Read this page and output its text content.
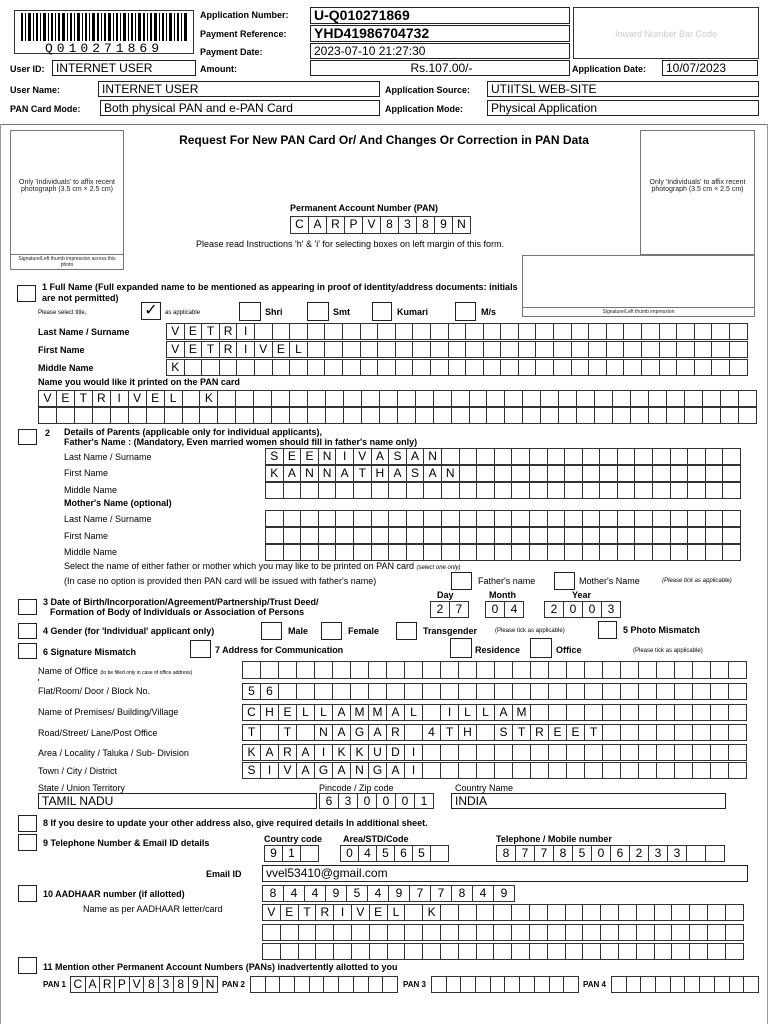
Q010271869
Application Number: U-Q010271869
Payment Reference: YHD41986704732
Payment Date:	2023-07-10 21:27:30
Inward Number Bar Code
User ID: INTERNET USER	Amount:	Rs.107.00/-	Application Date:	10/07/2023
User Name:	INTERNET USER	Application Source:	UTIITSL WEB-SITE
PAN Card Mode:	Both physical PAN and e-PAN Card	Application Mode:	Physical Application
Request For New PAN Card Or/ And Changes Or Correction in PAN Data
Only 'Individuals' to affix recent photograph (3.5 cm × 2.5 cm)
Signature/Left thumb impression across this photo
Only 'Individuals' to affix recent photograph (3.5 cm × 2.5 cm)
Signature/Left thumb impression
Permanent Account Number (PAN)
C A R P V 8 3 8 9 N
Please read Instructions 'h' & 'i' for selecting boxes on left margin of this form.
1 Full Name (Full expanded name to be mentioned as appearing in proof of identity/address documents: initials are not permitted)
Please select title,	✓	as applicable	Shri	Smt	Kumari	M/s
Last Name / Surname	V E T R I
First Name	V E T R I V E L
Middle Name	K
Name you would like it printed on the PAN card
V E T R I	V E L	K
2 Details of Parents (applicable only for individual applicants),
Father's Name : (Mandatory, Even married women should fill in father's name only)
Last Name / Surname	S E E N I V A S A N
First Name	K A N N A T H A S A N
Middle Name
Mother's Name (optional)
Last Name / Surname
First Name
Middle Name
Select the name of either father or mother which you may like to be printed on PAN card (select one only)
(In case no option is provided then PAN card will be issued with father's name)	Father's name	Mother's Name	(Please tick as applicable)
3 Date of Birth/Incorporation/Agreement/Partnership/Trust Deed/
Formation of Body of Individuals or Association of Persons
Day	Month	Year
2	7	0	4	2	0	0	3
4 Gender (for 'Individual' applicant only)	Male	Female	Transgender	(Please tick as applicable)	5 Photo Mismatch
6 Signature Mismatch	7 Address for Communication	Residence	Office	(Please tick as applicable)
Name of Office (to be filled only in case of office address)
Flat/Room/ Door / Block No.	5 6
Name of Premises/ Building/Village	C H E L L A M M A L	I	L L A M
Road/Street/ Lane/Post Office	T	T	N A G A R	4 T H	S T R E E T
Area / Locality / Taluka / Sub- Division	K A R A	I	K K U D	I
Town / City / District	S	I	V A G A N G A	I
State / Union Territory	Pincode / Zip code	Country Name
TAMIL NADU	6	3	0	0	0	1	INDIA
8 If you desire to update your other address also, give required details In additional sheet.
9 Telephone Number & Email ID details	Country code Area/STD/Code	Telephone / Mobile number
9 1	0 4 5 6 5	8	7	7	8	5	0	6	2	3	3
Email ID	vvel53410@gmail.com
10 AADHAAR number (if allotted)	8	4	4	9	5	4	9	7	7	8	4	9
Name as per AADHAAR letter/card	V E T R I	V E L	K
11 Mention other Permanent Account Numbers (PANs) inadvertently allotted to you
PAN 1 C A R P V 8 3 8 9 N PAN 2	PAN 3	PAN 4
